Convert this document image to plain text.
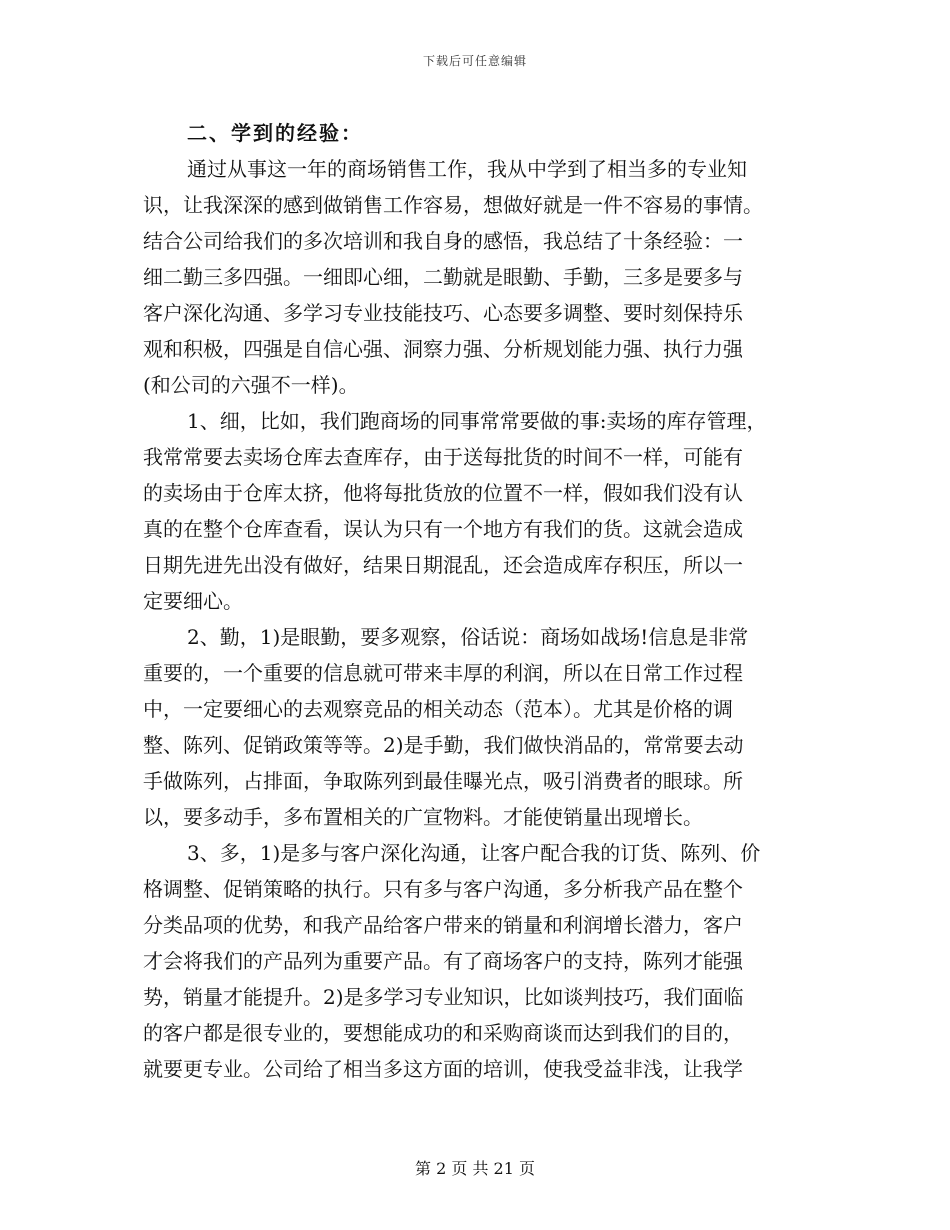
下载后可任意编辑
二、学到的经验：
通过从事这一年的商场销售工作，我从中学到了相当多的专业知
识，让我深深的感到做销售工作容易，想做好就是一件不容易的事情。
结合公司给我们的多次培训和我自身的感悟，我总结了十条经验：一
细二勤三多四强。一细即心细，二勤就是眼勤、手勤，三多是要多与
客户深化沟通、多学习专业技能技巧、心态要多调整、要时刻保持乐
观和积极，四强是自信心强、洞察力强、分析规划能力强、执行力强
(和公司的六强不一样)。
1、细，比如，我们跑商场的同事常常要做的事:卖场的库存管理，
我常常要去卖场仓库去查库存，由于送每批货的时间不一样，可能有
的卖场由于仓库太挤，他将每批货放的位置不一样，假如我们没有认
真的在整个仓库查看，误认为只有一个地方有我们的货。这就会造成
日期先进先出没有做好，结果日期混乱，还会造成库存积压，所以一
定要细心。
2、勤，1)是眼勤，要多观察，俗话说：商场如战场!信息是非常
重要的，一个重要的信息就可带来丰厚的利润，所以在日常工作过程
中，一定要细心的去观察竞品的相关动态（范本）。尤其是价格的调
整、陈列、促销政策等等。2)是手勤，我们做快消品的，常常要去动
手做陈列，占排面，争取陈列到最佳曝光点，吸引消费者的眼球。所
以，要多动手，多布置相关的广宣物料。才能使销量出现增长。
3、多，1)是多与客户深化沟通，让客户配合我的订货、陈列、价
格调整、促销策略的执行。只有多与客户沟通，多分析我产品在整个
分类品项的优势，和我产品给客户带来的销量和利润增长潜力，客户
才会将我们的产品列为重要产品。有了商场客户的支持，陈列才能强
势，销量才能提升。2)是多学习专业知识，比如谈判技巧，我们面临
的客户都是很专业的，要想能成功的和采购商谈而达到我们的目的，
就要更专业。公司给了相当多这方面的培训，使我受益非浅，让我学
第 2 页 共 21 页
